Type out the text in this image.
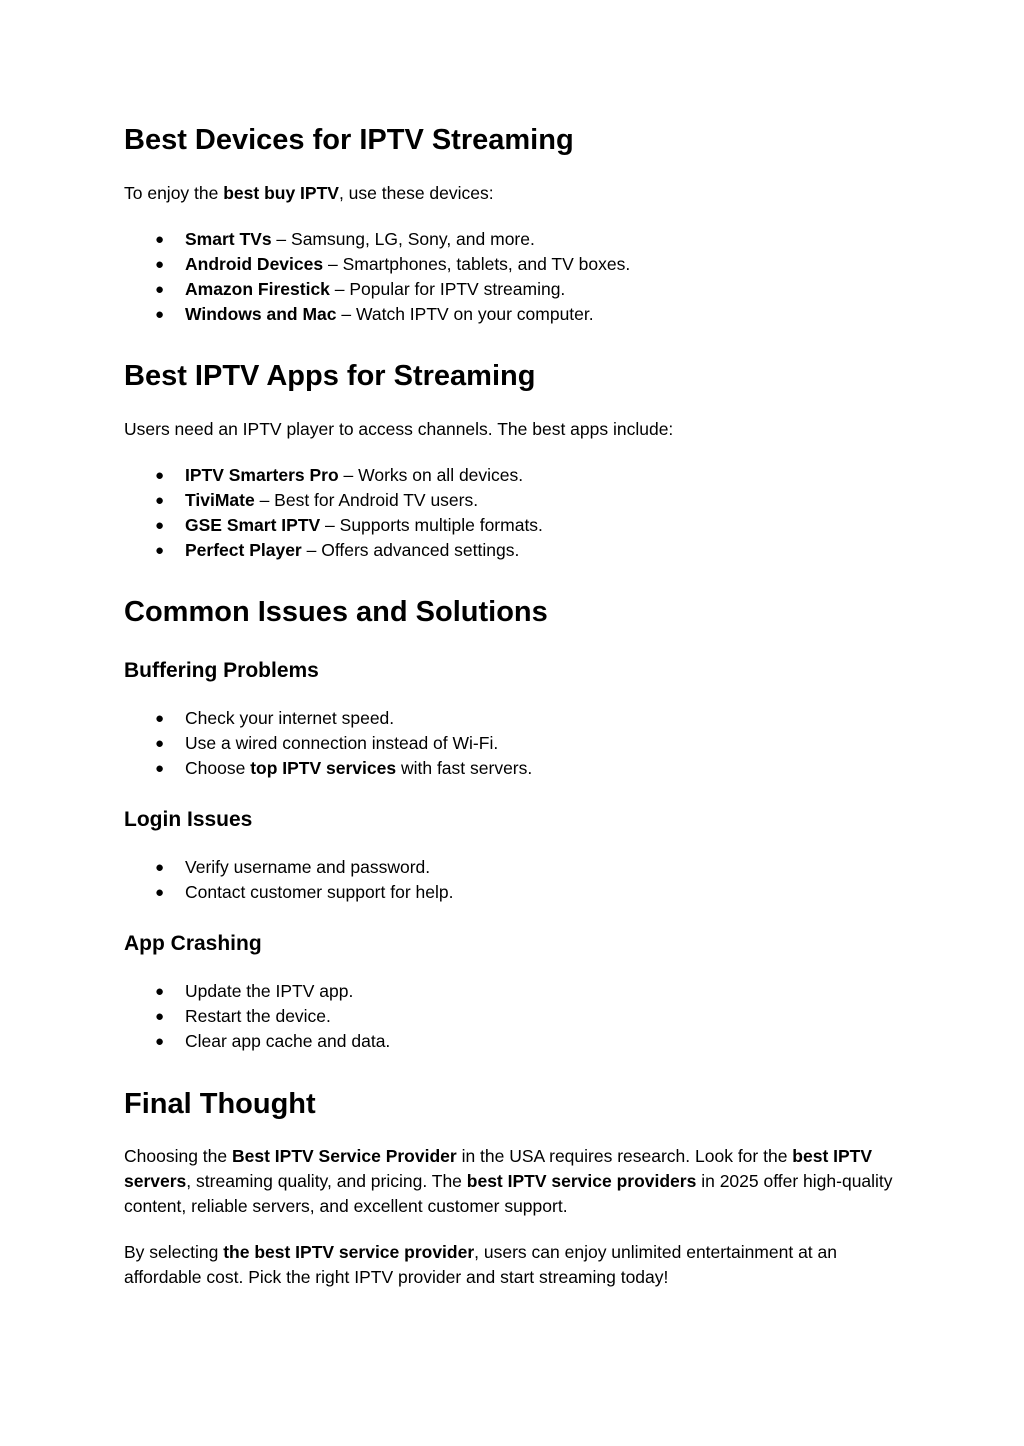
Best Devices for IPTV Streaming

To enjoy the best buy IPTV, use these devices:

● Smart TVs – Samsung, LG, Sony, and more.
● Android Devices – Smartphones, tablets, and TV boxes.
● Amazon Firestick – Popular for IPTV streaming.
● Windows and Mac – Watch IPTV on your computer.
Best IPTV Apps for Streaming

Users need an IPTV player to access channels. The best apps include:

● IPTV Smarters Pro – Works on all devices.
● TiviMate – Best for Android TV users.
● GSE Smart IPTV – Supports multiple formats.
● Perfect Player – Offers advanced settings.
Common Issues and Solutions
Buffering Problems
● Check your internet speed.
● Use a wired connection instead of Wi-Fi.
● Choose top IPTV services with fast servers.
Login Issues
● Verify username and password.
● Contact customer support for help.
App Crashing
● Update the IPTV app.
● Restart the device.
● Clear app cache and data.
Final Thought

Choosing the Best IPTV Service Provider in the USA requires research. Look for the best IPTV servers, streaming quality, and pricing. The best IPTV service providers in 2025 offer high-quality content, reliable servers, and excellent customer support.

By selecting the best IPTV service provider, users can enjoy unlimited entertainment at an affordable cost. Pick the right IPTV provider and start streaming today!
